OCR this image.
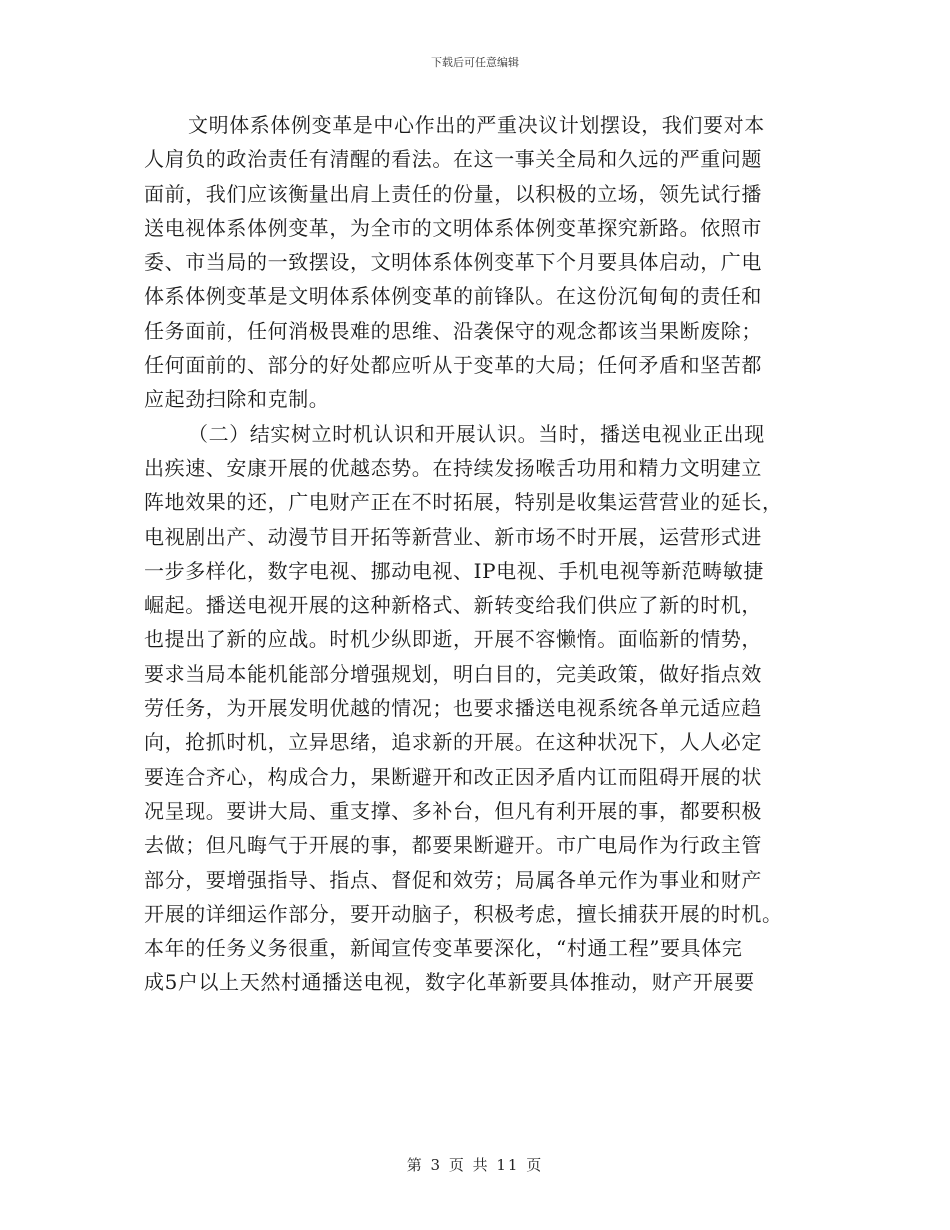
下载后可任意编辑
文明体系体例变革是中心作出的严重决议计划摆设，我们要对本
人肩负的政治责任有清醒的看法。在这一事关全局和久远的严重问题
面前，我们应该衡量出肩上责任的份量，以积极的立场，领先试行播
送电视体系体例变革，为全市的文明体系体例变革探究新路。依照市
委、市当局的一致摆设，文明体系体例变革下个月要具体启动，广电
体系体例变革是文明体系体例变革的前锋队。在这份沉甸甸的责任和
任务面前，任何消极畏难的思维、沿袭保守的观念都该当果断废除；
任何面前的、部分的好处都应听从于变革的大局；任何矛盾和坚苦都
应起劲扫除和克制。
（二）结实树立时机认识和开展认识。当时，播送电视业正出现
出疾速、安康开展的优越态势。在持续发扬喉舌功用和精力文明建立
阵地效果的还，广电财产正在不时拓展，特别是收集运营营业的延长，
电视剧出产、动漫节目开拓等新营业、新市场不时开展，运营形式进
一步多样化，数字电视、挪动电视、IP电视、手机电视等新范畴敏捷
崛起。播送电视开展的这种新格式、新转变给我们供应了新的时机，
也提出了新的应战。时机少纵即逝，开展不容懒惰。面临新的情势，
要求当局本能机能部分增强规划，明白目的，完美政策，做好指点效
劳任务，为开展发明优越的情况；也要求播送电视系统各单元适应趋
向，抢抓时机，立异思绪，追求新的开展。在这种状况下，人人必定
要连合齐心，构成合力，果断避开和改正因矛盾内讧而阻碍开展的状
况呈现。要讲大局、重支撑、多补台，但凡有利开展的事，都要积极
去做；但凡晦气于开展的事，都要果断避开。市广电局作为行政主管
部分，要增强指导、指点、督促和效劳；局属各单元作为事业和财产
开展的详细运作部分，要开动脑子，积极考虑，擅长捕获开展的时机。
本年的任务义务很重，新闻宣传变革要深化，“村通工程”要具体完
成5户以上天然村通播送电视，数字化革新要具体推动，财产开展要
第 3 页 共 11 页
